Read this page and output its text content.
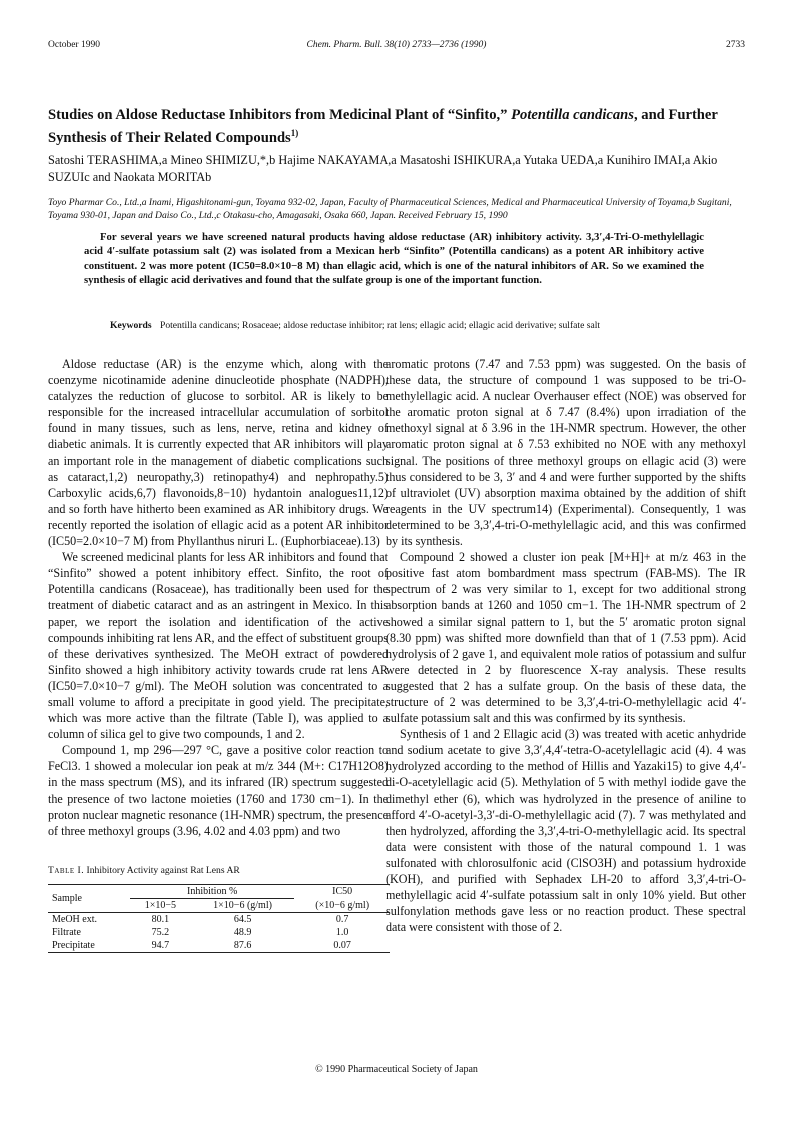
October 1990	Chem. Pharm. Bull. 38(10) 2733—2736 (1990)	2733
Studies on Aldose Reductase Inhibitors from Medicinal Plant of “Sinfito,” Potentilla candicans, and Further Synthesis of Their Related Compounds$^{1)}$
Satoshi TERASHIMA,a Mineo SHIMIZU,*,b Hajime NAKAYAMA,a Masatoshi ISHIKURA,a Yutaka UEDA,a Kunihiro IMAI,a Akio SUZUIc and Naokata MORITAb
Toyo Pharmar Co., Ltd.,a Inami, Higashitonami-gun, Toyama 932-02, Japan, Faculty of Pharmaceutical Sciences, Medical and Pharmaceutical University of Toyama,b Sugitani, Toyama 930-01, Japan and Daiso Co., Ltd.,c Otakasu-cho, Amagasaki, Osaka 660, Japan. Received February 15, 1990
For several years we have screened natural products having aldose reductase (AR) inhibitory activity. 3,3′,4-Tri-O-methylellagic acid 4′-sulfate potassium salt (2) was isolated from a Mexican herb “Sinfito” (Potentilla candicans) as a potent AR inhibitory active constituent. 2 was more potent (IC50=8.0×10−8 M) than ellagic acid, which is one of the natural inhibitors of AR. So we examined the synthesis of ellagic acid derivatives and found that the sulfate group is one of the important function.
Keywords Potentilla candicans; Rosaceae; aldose reductase inhibitor; rat lens; ellagic acid; ellagic acid derivative; sulfate salt

Aldose reductase (AR) is the enzyme which, along with the coenzyme nicotinamide adenine dinucleotide phosphate (NADPH), catalyzes the reduction of glucose to sorbitol. AR is likely to be responsible for the increased intracellular accumulation of sorbitol found in many tissues, such as lens, nerve, retina and kidney of diabetic animals. It is currently expected that AR inhibitors will play an important role in the management of diabetic complications such as cataract,1,2) neuropathy,3) retinopathy4) and nephropathy.5) Carboxylic acids,6,7) flavonoids,8−10) hydantoin analogues11,12) and so forth have hitherto been examined as AR inhibitory drugs. We recently reported the isolation of ellagic acid as a potent AR inhibitor (IC50=2.0×10−7 M) from Phyllanthus niruri L. (Euphorbiaceae).13)

We screened medicinal plants for less AR inhibitors and found that “Sinfito” showed a potent inhibitory effect. Sinfito, the root of Potentilla candicans (Rosaceae), has traditionally been used for the treatment of diabetic cataract and as an astringent in Mexico. In this paper, we report the isolation and identification of the active compounds inhibiting rat lens AR, and the effect of substituent groups of these derivatives synthesized. The MeOH extract of powdered Sinfito showed a high inhibitory activity towards crude rat lens AR (IC50=7.0×10−7 g/ml). The MeOH solution was concentrated to a small volume to afford a precipitate in good yield. The precipitate, which was more active than the filtrate (Table I), was applied to a column of silica gel to give two compounds, 1 and 2.

Compound 1, mp 296—297 °C, gave a positive color reaction to FeCl3. 1 showed a molecular ion peak at m/z 344 (M+: C17H12O8) in the mass spectrum (MS), and its infrared (IR) spectrum suggested the presence of two lactone moieties (1760 and 1730 cm−1). In the proton nuclear magnetic resonance (1H-NMR) spectrum, the presence of three methoxyl groups (3.96, 4.02 and 4.03 ppm) and two

aromatic protons (7.47 and 7.53 ppm) was suggested. On the basis of these data, the structure of compound 1 was supposed to be tri-O-methylellagic acid. A nuclear Overhauser effect (NOE) was observed for the aromatic proton signal at δ 7.47 (8.4%) upon irradiation of the methoxyl signal at δ 3.96 in the 1H-NMR spectrum. However, the other aromatic proton signal at δ 7.53 exhibited no NOE with any methoxyl signal. The positions of three methoxyl groups on ellagic acid (3) were thus considered to be 3, 3′ and 4 and were further supported by the shifts of ultraviolet (UV) absorption maxima obtained by the addition of shift reagents in the UV spectrum14) (Experimental). Consequently, 1 was determined to be 3,3′,4-tri-O-methylellagic acid, and this was confirmed by its synthesis.

Compound 2 showed a cluster ion peak [M+H]+ at m/z 463 in the positive fast atom bombardment mass spectrum (FAB-MS). The IR spectrum of 2 was very similar to 1, except for two additional strong absorption bands at 1260 and 1050 cm−1. The 1H-NMR spectrum of 2 showed a similar signal pattern to 1, but the 5′ aromatic proton signal (8.30 ppm) was shifted more downfield than that of 1 (7.53 ppm). Acid hydrolysis of 2 gave 1, and equivalent mole ratios of potassium and sulfur were detected in 2 by fluorescence X-ray analysis. These results suggested that 2 has a sulfate group. On the basis of these data, the structure of 2 was determined to be 3,3′,4-tri-O-methylellagic acid 4′-sulfate potassium salt and this was confirmed by its synthesis.

Synthesis of 1 and 2 Ellagic acid (3) was treated with acetic anhydride and sodium acetate to give 3,3′,4,4′-tetra-O-acetylellagic acid (4). 4 was hydrolyzed according to the method of Hillis and Yazaki15) to give 4,4′-di-O-acetylellagic acid (5). Methylation of 5 with methyl iodide gave the dimethyl ether (6), which was hydrolyzed in the presence of aniline to afford 4′-O-acetyl-3,3′-di-O-methylellagic acid (7). 7 was methylated and then hydrolyzed, affording the 3,3′,4-tri-O-methylellagic acid. Its spectral data were consistent with those of the natural compound 1. 1 was sulfonated with chlorosulfonic acid (ClSO3H) and potassium hydroxide (KOH), and purified with Sephadex LH-20 to afford 3,3′,4-tri-O-methylellagic acid 4′-sulfate potassium salt in only 10% yield. But other sulfonylation methods gave less or no reaction product. These spectral data were consistent with those of 2.

Table I. Inhibitory Activity against Rat Lens AR
Sample	Inhibition %		IC50
	1×10−5	1×10−6 (g/ml)	(×10−6 g/ml)

MeOH ext.	80.1	64.5	0.7
Filtrate	75.2	48.9	1.0
Precipitate	94.7	87.6	0.07
© 1990 Pharmaceutical Society of Japan
